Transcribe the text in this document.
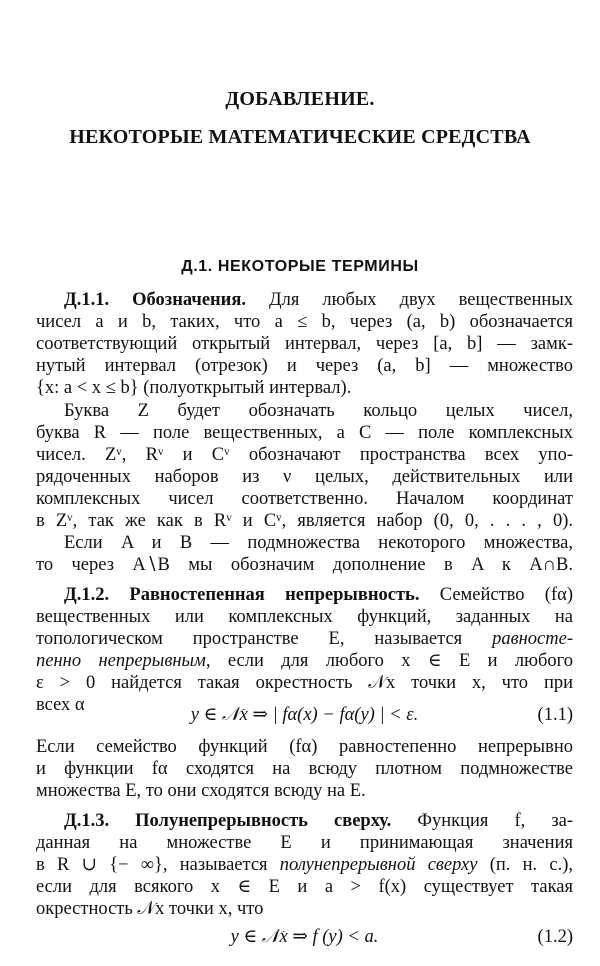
ДОБАВЛЕНИЕ.
НЕКОТОРЫЕ МАТЕМАТИЧЕСКИЕ СРЕДСТВА
Д.1. НЕКОТОРЫЕ ТЕРМИНЫ
Д.1.1. Обозначения. Для любых двух вещественных
чисел a и b, таких, что a ≤ b, через (a, b) обозначается
соответствующий открытый интервал, через [a, b] — замк-
нутый интервал (отрезок) и через (a, b] — множество
{x: a < x ≤ b} (полуоткрытый интервал).
Буква Z будет обозначать кольцо целых чисел,
буква R — поле вещественных, а C — поле комплексных
чисел. Zᵛ, Rᵛ и Cᵛ обозначают пространства всех упо-
рядоченных наборов из ν целых, действительных или
комплексных чисел соответственно. Началом координат
в Zᵛ, так же как в Rᵛ и Cᵛ, является набор (0, 0, . . . , 0).
Если A и B — подмножества некоторого множества,
то через A∖B мы обозначим дополнение в A к A∩B.
Д.1.2. Равностепенная непрерывность. Семейство (fα)
вещественных или комплексных функций, заданных на
топологическом пространстве E, называется равносте-
пенно непрерывным, если для любого x ∈ E и любого
ε > 0 найдется такая окрестность 𝒩x точки x, что при
всех α	y ∈ 𝒩x ⇒ | fα(x) − fα(y) | < ε.	(1.1)
Если семейство функций (fα) равностепенно непрерывно
и функции fα сходятся на всюду плотном подмножестве
множества E, то они сходятся всюду на E.
Д.1.3. Полунепрерывность сверху. Функция f, за-
данная на множестве E и принимающая значения
в R ∪ {− ∞}, называется полунепрерывной сверху (п. н. с.),
если для всякого x ∈ E и a > f(x) существует такая
окрестность 𝒩x точки x, что
y ∈ 𝒩x ⇒ f (y) < a.	(1.2)
